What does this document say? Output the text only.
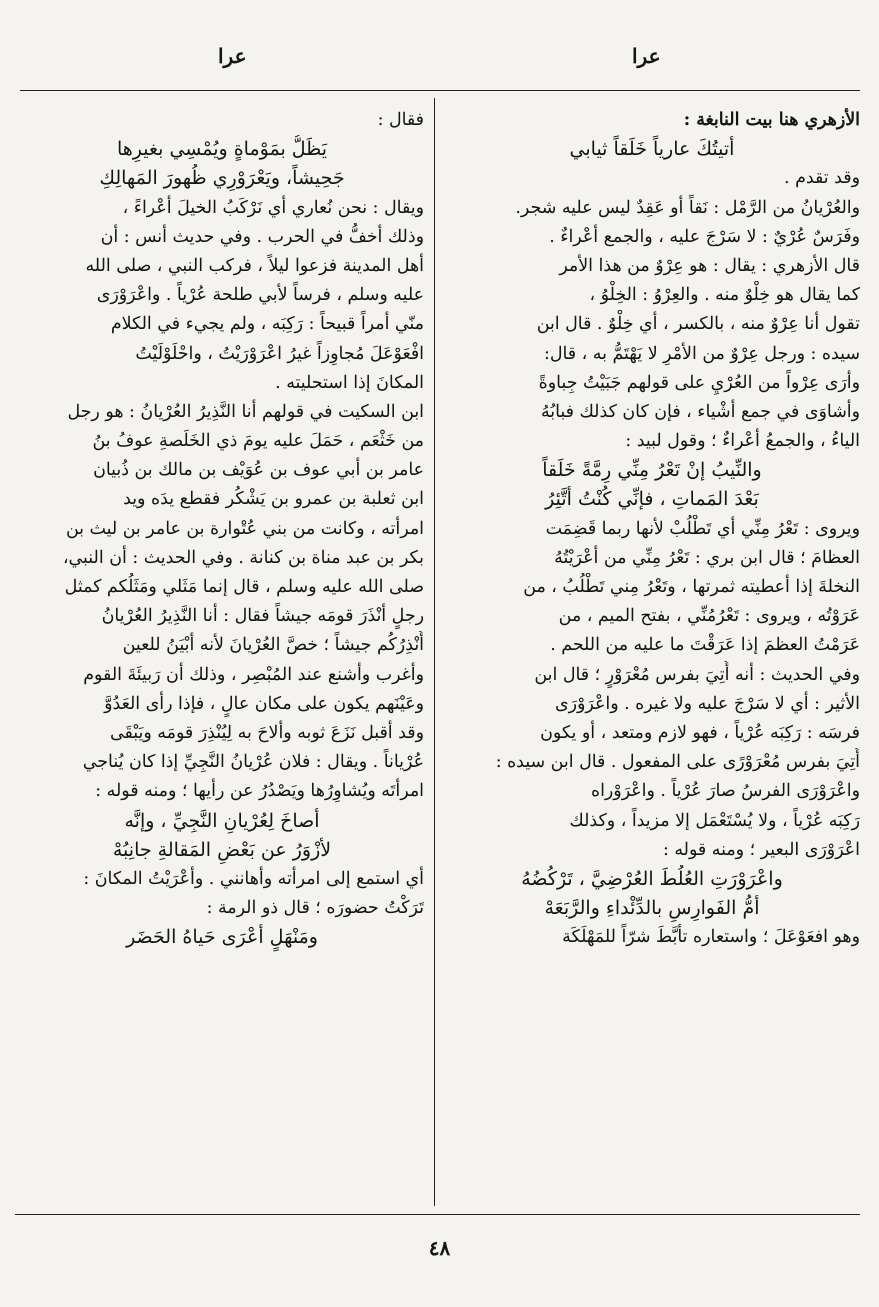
عرا
عرا
الأزهري هنا بيت النابغة :
أتيتُكَ عارياً خَلَقاً ثيابي
وقد تقدم .
والعُرْيانُ من الرَّمْل : نَقاً أو عَقِدٌ ليس عليه شجر.
وفَرَسٌ عُرْيٌ : لا سَرْجَ عليه ، والجمع أعْراءٌ .
قال الأزهري : يقال : هو عِرْوٌ من هذا الأمر
كما يقال هو خِلْوٌ منه . والعِرْوُ : الخِلْوُ ،
تقول أنا عِرْوٌ منه ، بالكسر ، أي خِلْوٌ . قال ابن
سيده : ورجل عِرْوٌ من الأمْرِ لا يَهْتَمُّ به ، قال:
وأرَى عِرْواً من العُرْيِ على قولهم جَبَيْتُ جِباوةً
وأشاوَى في جمع أشْياء ، فإن كان كذلك فبابُهُ
الياءُ ، والجمعُ أعْراءٌ ؛ وقول لبيد :
والنِّيبُ إنْ تَعْرُ مِنِّي رِمَّةً خَلَقاً
بَعْدَ المَماتِ ، فإنِّي كُنْتُ أتَّئِرُ
ويروى : تَعْرُ مِنِّي أي تَطْلُبْ لأنها ربما قَضِمَت
العظامَ ؛ قال ابن بري : تَعْرُ مِنِّي من أعْرَيْتُهُ
النخلةَ إذا أعطيته ثمرتها ، وتَعْرُ مِني تَطْلُبُ ، من
عَرَوْتُه ، ويروى : تَعْرُمُنِّي ، بفتح الميم ، من
عَرَمْتُ العظمَ إذا عَرَقْتَ ما عليه من اللحم .
وفي الحديث : أنه أُتِيَ بفرس مُعْرَوْرٍ ؛ قال ابن
الأثير : أي لا سَرْجَ عليه ولا غيره . واعْرَوْرَى
فرسَه : رَكِبَه عُرْياً ، فهو لازم ومتعد ، أو يكون
أُتِيَ بفرس مُعْرَوْرًى على المفعول . قال ابن سيده :
واعْرَوْرَى الفرسُ صارَ عُرْياً . واعْرَوْراه
رَكِبَه عُرْياً ، ولا يُسْتَعْمَل إلا مزيداً ، وكذلك
اعْرَوْرَى البعير ؛ ومنه قوله :
واعْرَوْرَتِ العُلُطَ العُرْضِيَّ ، تَرْكُضُهُ
أُمُّ الفَوارِسِ بالدِّئْداءِ والرَّبَعَهْ
وهو افعَوْعَلَ ؛ واستعاره تأبَّطَ شرّاً للمَهْلَكَة
فقال :
يَظَلُّ بمَوْماةٍ ويُمْسِي بغيرِها
جَحِيشاً، ويَعْرَوْرِي ظُهورَ المَهالِكِ
ويقال : نحن نُعاري أي نَرْكَبُ الخيلَ أعْراءً ،
وذلك أخفُّ في الحرب . وفي حديث أنس : أن
أهل المدينة فزعوا ليلاً ، فركب النبي ، صلى الله
عليه وسلم ، فرساً لأبي طلحة عُرْياً . واعْرَوْرَى
منّي أمراً قبيحاً : رَكِبَه ، ولم يجيء في الكلام
افْعَوْعَلَ مُجاوِزاً غيرُ اعْرَوْرَيْتُ ، واحْلَوْلَيْتُ
المكانَ إذا استحليته .
ابن السكيت في قولهم أنا النَّذِيرُ العُرْيانُ : هو رجل
من خَثْعَم ، حَمَلَ عليه يومَ ذي الخَلَصةِ عوفُ بنُ
عامر بن أبي عوف بن عُوَيْف بن مالك بن ذُبيان
ابن ثعلبة بن عمرو بن يَشْكُر فقطع يدَه ويد
امرأته ، وكانت من بني عُتْوارة بن عامر بن ليث بن
بكر بن عبد مناة بن كنانة . وفي الحديث : أن النبي،
صلى الله عليه وسلم ، قال إنما مَثَلي ومَثَلُكم كمثل
رجلٍ أنْذَرَ قومَه جيشاً فقال : أنا النَّذِيرُ العُرْيانُ
أُنْذِرُكُم جيشاً ؛ خصَّ العُرْيانَ لأنه أبْيَنُ للعين
وأغرب وأشنع عند المُبْصِر ، وذلك أن رَبيئَةَ القوم
وعَيْنَهم يكون على مكان عالٍ ، فإذا رأى العَدُوَّ
وقد أقبل نَزَعَ ثوبه وألاحَ به لِيُنْذِرَ قومَه ويَبْقَى
عُرْياناً . ويقال : فلان عُرْيانُ النَّجِيِّ إذا كان يُناجي
امرأتَه ويُشاوِرُها ويَصْدُرُ عن رأيها ؛ ومنه قوله :
أصاخَ لِعُرْيانِ النَّجِيِّ ، وإنَّه
لأزْوَرُ عن بَعْضِ المَقالةِ جانِبُهْ
أي استمع إلى امرأته وأهانني . وأعْرَيْتُ المكانَ :
تَرَكْتُ حضورَه ؛ قال ذو الرمة :
ومَنْهَلٍ أعْرَى حَياهُ الحَضَر
٤٨
